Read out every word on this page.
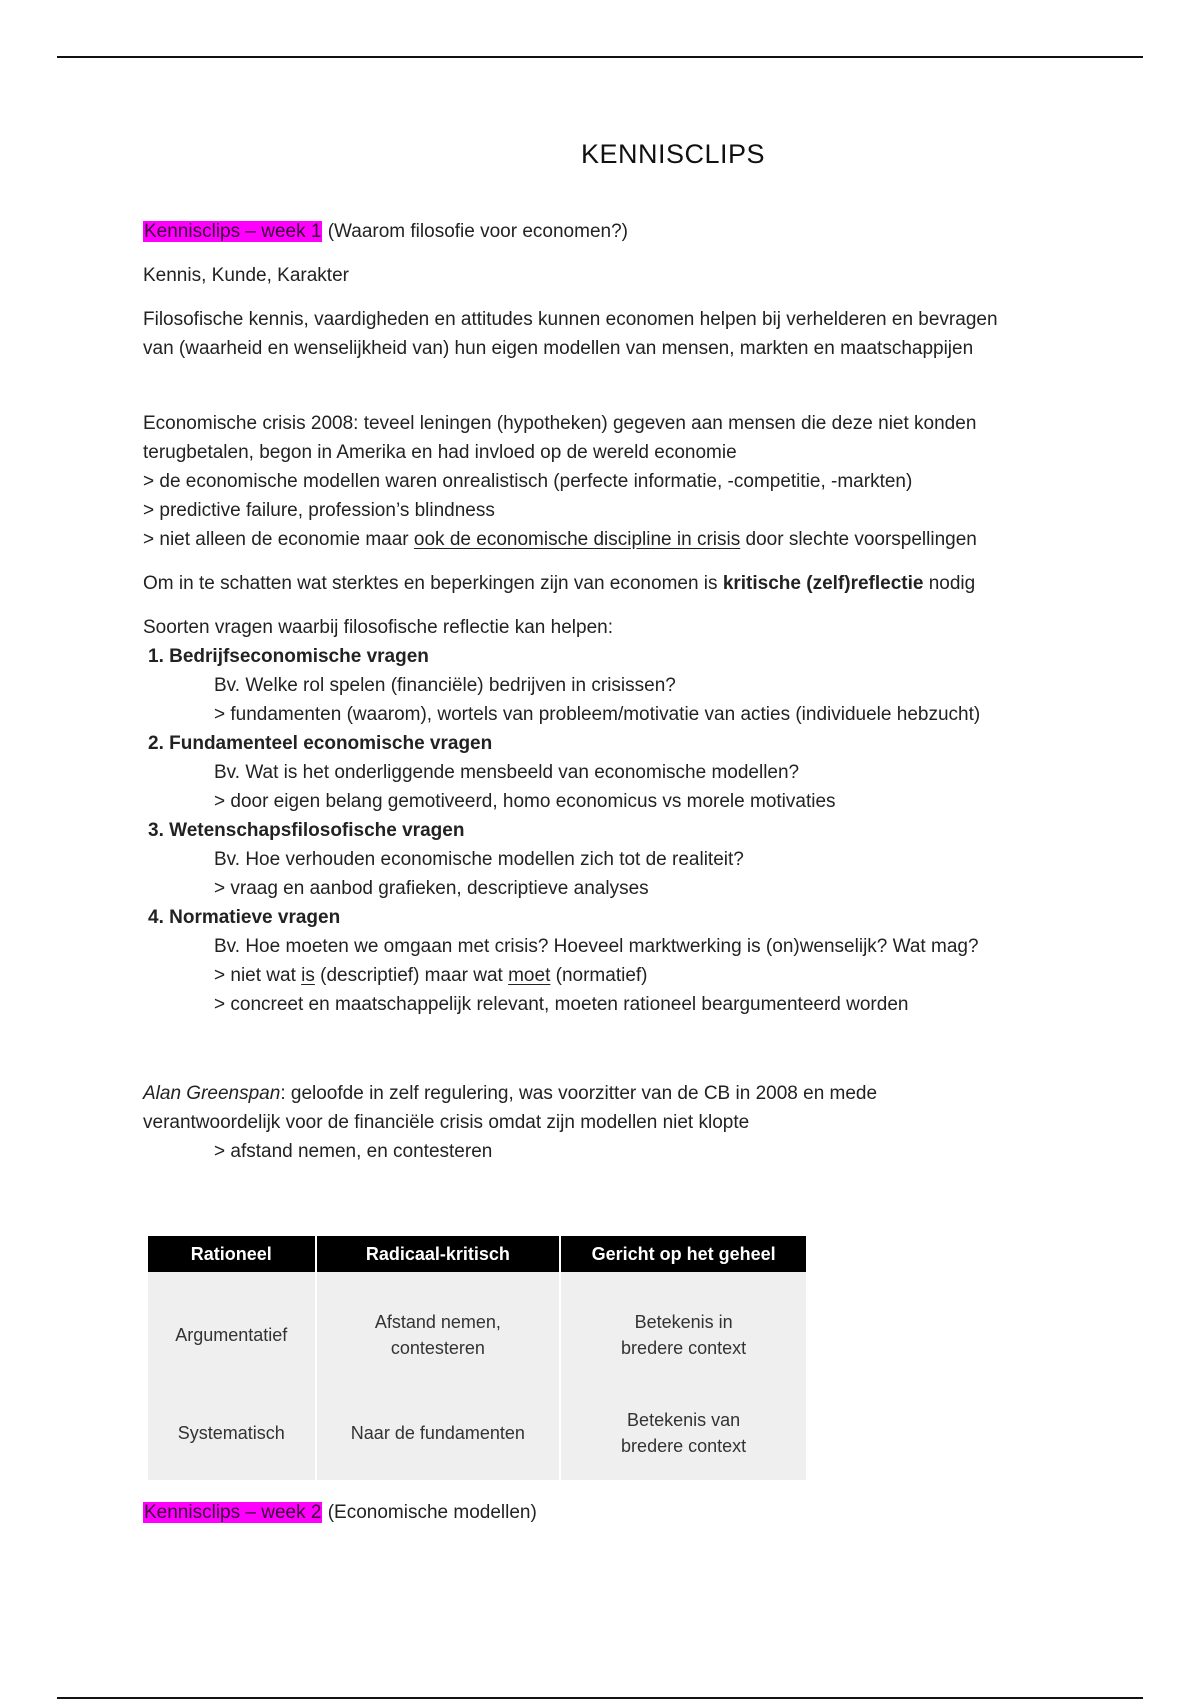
KENNISCLIPS

Kennisclips – week 1 (Waarom filosofie voor economen?)

Kennis, Kunde, Karakter

Filosofische kennis, vaardigheden en attitudes kunnen economen helpen bij verhelderen en bevragen
van (waarheid en wenselijkheid van) hun eigen modellen van mensen, markten en maatschappijen

Economische crisis 2008: teveel leningen (hypotheken) gegeven aan mensen die deze niet konden
terugbetalen, begon in Amerika en had invloed op de wereld economie
> de economische modellen waren onrealistisch (perfecte informatie, -competitie, -markten)
> predictive failure, profession’s blindness
> niet alleen de economie maar ook de economische discipline in crisis door slechte voorspellingen

Om in te schatten wat sterktes en beperkingen zijn van economen is kritische (zelf)reflectie nodig

Soorten vragen waarbij filosofische reflectie kan helpen:

1. Bedrijfseconomische vragen
Bv. Welke rol spelen (financiële) bedrijven in crisissen?
> fundamenten (waarom), wortels van probleem/motivatie van acties (individuele hebzucht)
2. Fundamenteel economische vragen
Bv. Wat is het onderliggende mensbeeld van economische modellen?
> door eigen belang gemotiveerd, homo economicus vs morele motivaties
3. Wetenschapsfilosofische vragen
Bv. Hoe verhouden economische modellen zich tot de realiteit?
> vraag en aanbod grafieken, descriptieve analyses
4. Normatieve vragen
Bv. Hoe moeten we omgaan met crisis? Hoeveel marktwerking is (on)wenselijk? Wat mag?
> niet wat is (descriptief) maar wat moet (normatief)
> concreet en maatschappelijk relevant, moeten rationeel beargumenteerd worden

Alan Greenspan: geloofde in zelf regulering, was voorzitter van de CB in 2008 en mede
verantwoordelijk voor de financiële crisis omdat zijn modellen niet klopte

> afstand nemen, en contesteren
Rationeel	Radicaal-kritisch	Gericht op het geheel
Argumentatief	Afstand nemen, contesteren	Betekenis in bredere context
Systematisch	Naar de fundamenten	Betekenis van bredere context

Kennisclips – week 2 (Economische modellen)
